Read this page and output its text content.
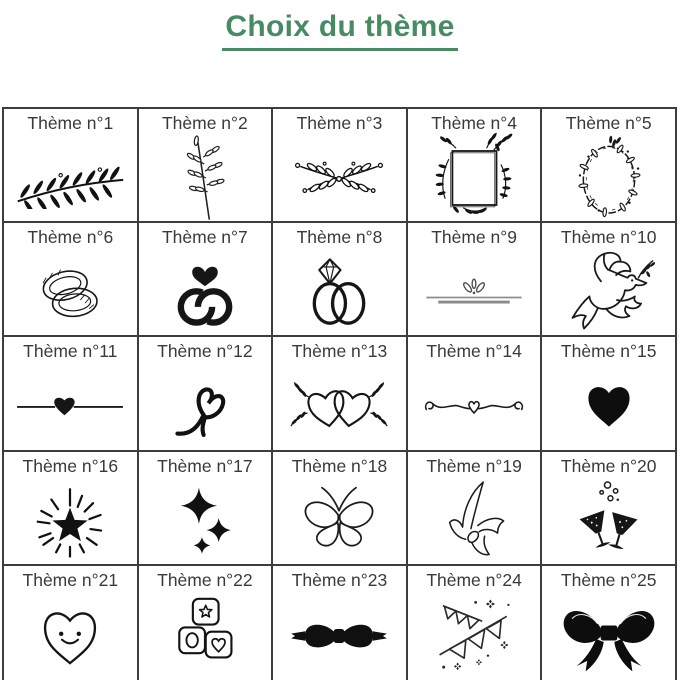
Choix du thème
Thème n°1	Thème n°2	Thème n°3	Thème n°4	Thème n°5
Thème n°6	Thème n°7	Thème n°8	Thème n°9	Thème n°10
Thème n°11 Thème n°12 Thème n°13 Thème n°14 Thème n°15
Thème n°16 Thème n°17 Thème n°18 Thème n°19 Thème n°20
Thème n°21 Thème n°22 Thème n°23 Thème n°24 Thème n°25
